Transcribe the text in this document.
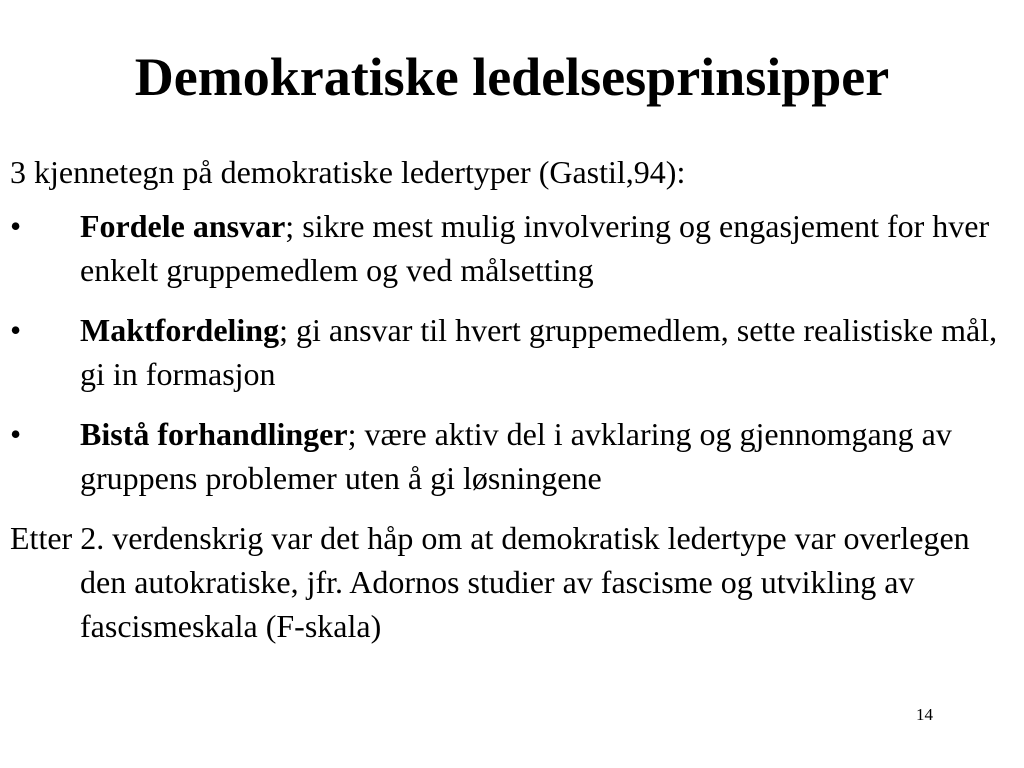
Demokratiske ledelsesprinsipper

3 kjennetegn på demokratiske ledertyper (Gastil,94):

•	Fordele ansvar; sikre mest mulig involvering og engasjement for hver enkelt gruppemedlem og ved målsetting
•	Maktfordeling; gi ansvar til hvert gruppemedlem, sette realistiske mål, gi in formasjon
•	Bistå forhandlinger; være aktiv del i avklaring og gjennomgang av gruppens problemer uten å gi løsningene

Etter 2. verdenskrig var det håp om at demokratisk ledertype var overlegen den autokratiske, jfr. Adornos studier av fascisme og utvikling av fascismeskala (F-skala)

14
